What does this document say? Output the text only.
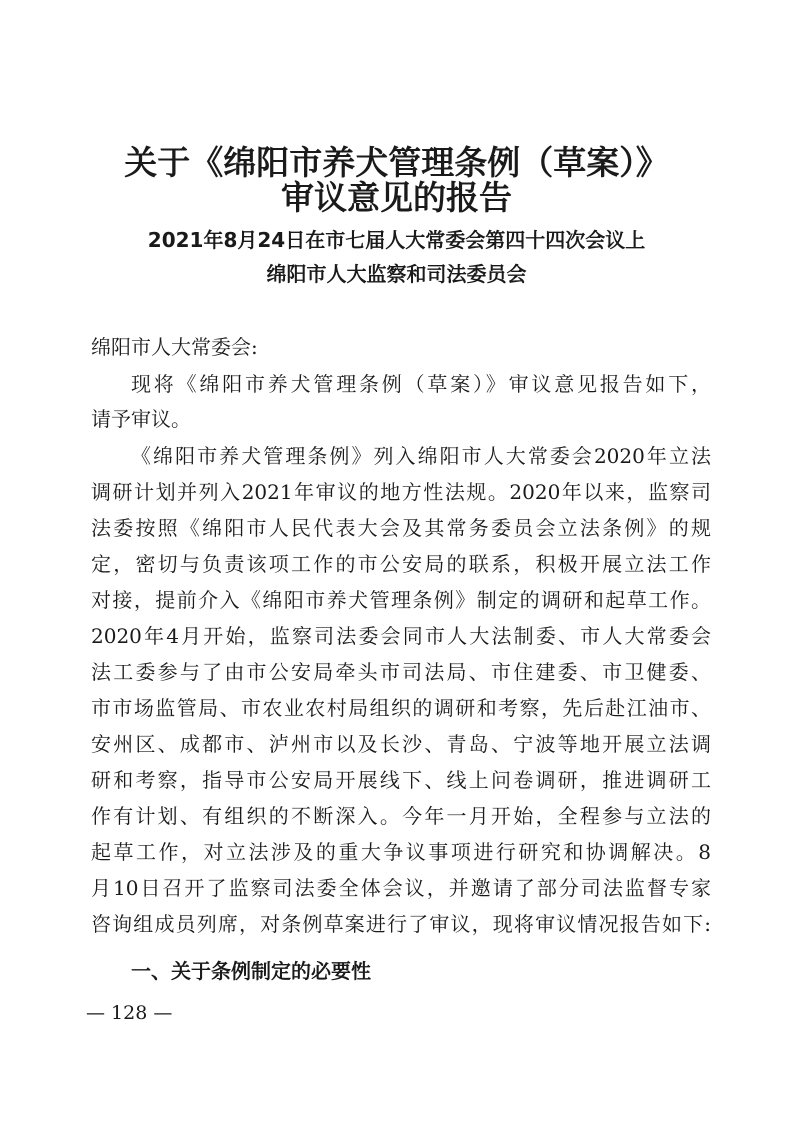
关于《绵阳市养犬管理条例（草案）》
审议意见的报告

2021年8月24日在市七届人大常委会第四十四次会议上

绵阳市人大监察和司法委员会

绵阳市人大常委会:

现将《绵阳市养犬管理条例（草案）》审议意见报告如下，

请予审议。

《绵阳市养犬管理条例》列入绵阳市人大常委会2020年立法

调研计划并列入2021年审议的地方性法规。2020年以来，监察司

法委按照《绵阳市人民代表大会及其常务委员会立法条例》的规

定，密切与负责该项工作的市公安局的联系，积极开展立法工作

对接，提前介入《绵阳市养犬管理条例》制定的调研和起草工作。

2020年4月开始，监察司法委会同市人大法制委、市人大常委会

法工委参与了由市公安局牵头市司法局、市住建委、市卫健委、

市市场监管局、市农业农村局组织的调研和考察，先后赴江油市、

安州区、成都市、泸州市以及长沙、青岛、宁波等地开展立法调

研和考察，指导市公安局开展线下、线上问卷调研，推进调研工

作有计划、有组织的不断深入。今年一月开始，全程参与立法的

起草工作，对立法涉及的重大争议事项进行研究和协调解决。8

月10日召开了监察司法委全体会议，并邀请了部分司法监督专家

咨询组成员列席，对条例草案进行了审议，现将审议情况报告如下:

一、关于条例制定的必要性

— 128 —
